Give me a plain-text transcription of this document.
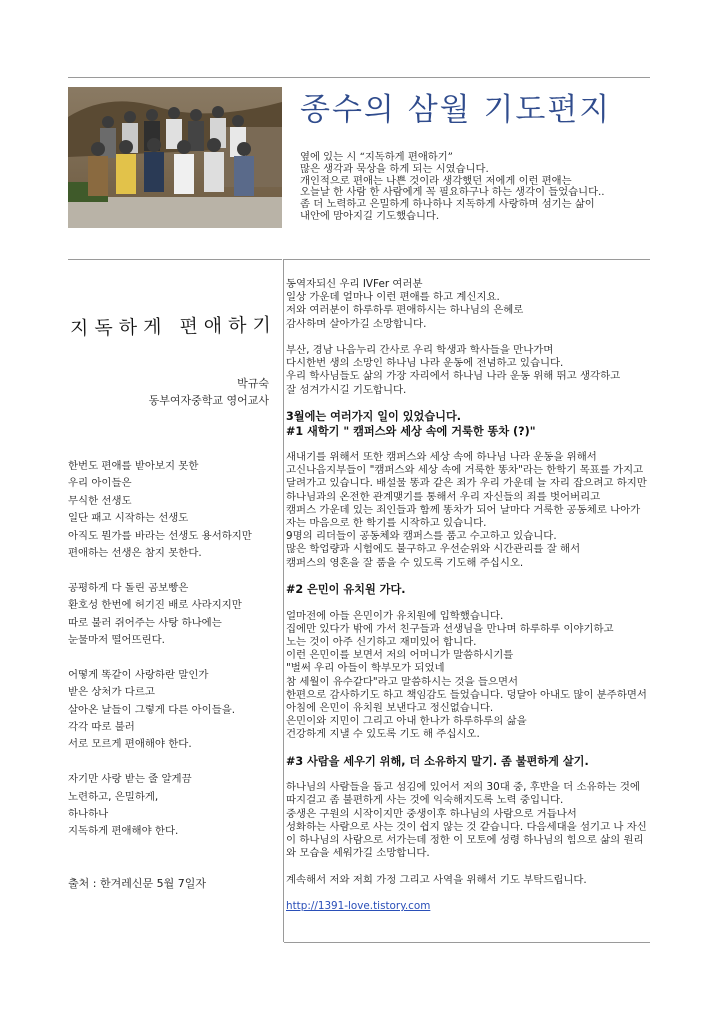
종수의 삼월 기도편지
옆에 있는 시 “지독하게 편애하기”
많은 생각과 묵상을 하게 되는 시였습니다.
개인적으로 편애는 나쁜 것이라 생각했던 저에게 이런 편애는
오늘날 한 사람 한 사람에게 꼭 필요하구나 하는 생각이 들었습니다..
좀 더 노력하고 은밀하게 하나하나 지독하게 사랑하며 섬기는 삶이
내안에 맘아지길 기도했습니다.
지독하게 편애하기
박규숙
동부여자중학교 영어교사
한번도 편애를 받아보지 못한
우리 아이들은
무식한 선생도
일단 패고 시작하는 선생도
아직도 뭔가를 바라는 선생도 용서하지만
편애하는 선생은 참지 못한다.
공평하게 다 돌린 곰보빵은
환호성 한번에 허기진 배로 사라지지만
따로 불러 쥐어주는 사탕 하나에는
눈물마저 떨어뜨린다.
어떻게 똑같이 사랑하란 말인가
받은 상처가 다르고
살아온 날들이 그렇게 다른 아이들을.
각각 따로 불러
서로 모르게 편애해야 한다.
자기만 사랑 받는 줄 알게끔
노련하고, 은밀하게,
하나하나
지독하게 편애해야 한다.
출처 : 한겨레신문 5월 7일자
동역자되신 우리 IVFer 여러분
일상 가운데 얼마나 이런 편애를 하고 계신지요.
저와 여러분이 하루하루 편애하시는 하나님의 은혜로
감사하며 살아가길 소망합니다.
부산, 경남 나음누리 간사로 우리 학생과 학사들을 만나가며
다시한번 생의 소망인 하나님 나라 운동에 전념하고 있습니다.
우리 학사님들도 삶의 가장 자리에서 하나님 나라 운동 위해 뛰고 생각하고
잘 섬겨가시길 기도합니다.
3월에는 여러가지 일이 있었습니다.
#1 새학기 " 캠퍼스와 세상 속에 거룩한 똥차 (?)"
새내기를 위해서 또한 캠퍼스와 세상 속에 하나님 나라 운동을 위해서
고신나음지부들이 "캠퍼스와 세상 속에 거룩한 똥차"라는 한학기 목표를 가지고
달려가고 있습니다. 배설물 똥과 같은 죄가 우리 가운데 늘 자리 잡으려고 하지만
하나님과의 온전한 관계맺기를 통해서 우리 자신들의 죄를 벗어버리고
캠퍼스 가운데 있는 죄인들과 함께 똥차가 되어 날마다 거룩한 공동체로 나아가
자는 마음으로 한 학기를 시작하고 있습니다.
9명의 리더들이 공동체와 캠퍼스를 품고 수고하고 있습니다.
많은 학업량과 시험에도 불구하고 우선순위와 시간관리를 잘 해서
캠퍼스의 영혼을 잘 품을 수 있도록 기도해 주십시오.
#2 은민이 유치원 가다.
얼마전에 아들 은민이가 유치원에 입학했습니다.
집에만 있다가 밖에 가서 친구들과 선생님을 만나며 하루하루 이야기하고
노는 것이 아주 신기하고 재미있어 합니다.
이런 은민이를 보면서 저의 어머니가 말씀하시기를
"벌써 우리 아들이 학부모가 되었네
참 세월이 유수같다"라고 말씀하시는 것을 들으면서
한편으로 감사하기도 하고 책임감도 들었습니다. 덩달아 아내도 많이 분주하면서
아침에 은민이 유치원 보낸다고 정신없습니다.
은민이와 지민이 그리고 아내 한나가 하루하루의 삶을
건강하게 지낼 수 있도록 기도 해 주십시오.
#3 사람을 세우기 위해, 더 소유하지 말기. 좀 불편하게 살기.
하나님의 사람들을 돕고 섬김에 있어서 저의 30대 중, 후반을 더 소유하는 것에
따지걸고 좀 불편하게 사는 것에 익숙해지도록 노력 중입니다.
중생은 구원의 시작이지만 중생이후 하나님의 사람으로 거듭나서
성화하는 사람으로 사는 것이 쉽지 않는 것 같습니다. 다음세대을 섬기고 나 자신
이 하나님의 사람으로 서가는데 정한 이 모토에 성령 하나님의 힘으로 삶의 원리
와 모습을 세워가길 소망합니다.
계속해서 저와 저희 가정 그리고 사역을 위해서 기도 부탁드립니다.
http://1391-love.tistory.com
